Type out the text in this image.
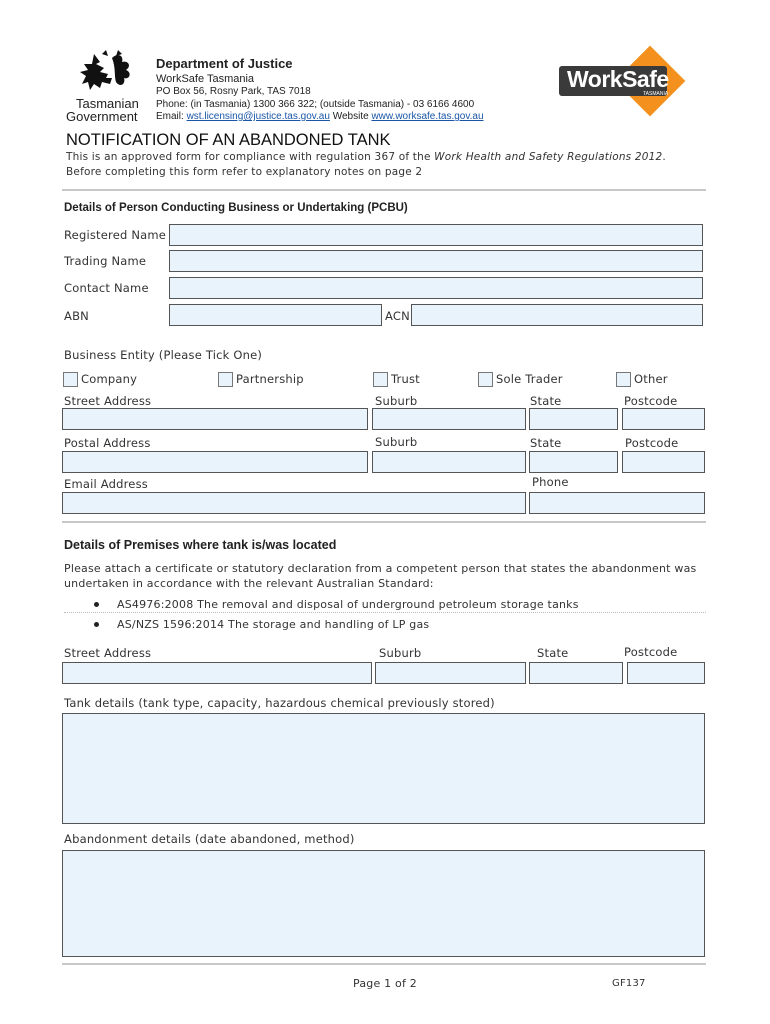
Tasmanian
Government
Department of Justice
WorkSafe Tasmania
PO Box 56, Rosny Park, TAS 7018
Phone: (in Tasmania) 1300 366 322; (outside Tasmania) - 03 6166 4600
Email: wst.licensing@justice.tas.gov.au Website www.worksafe.tas.gov.au
WorkSafe
TASMANIA
NOTIFICATION OF AN ABANDONED TANK
This is an approved form for compliance with regulation 367 of the Work Health and Safety Regulations 2012.
Before completing this form refer to explanatory notes on page 2
Details of Person Conducting Business or Undertaking (PCBU)
Registered Name
Trading Name
Contact Name
ABN	ACN
Business Entity (Please Tick One)
Company	Partnership	Trust	Sole Trader	Other
Street Address	Suburb	State	Postcode
Postal Address	Suburb	State	Postcode
Email Address	Phone
Details of Premises where tank is/was located
Please attach a certificate or statutory declaration from a competent person that states the abandonment was
undertaken in accordance with the relevant Australian Standard:
AS4976:2008 The removal and disposal of underground petroleum storage tanks
AS/NZS 1596:2014 The storage and handling of LP gas
Street Address	Suburb	State	Postcode
Tank details (tank type, capacity, hazardous chemical previously stored)
Abandonment details (date abandoned, method)
Page 1 of 2	GF137
